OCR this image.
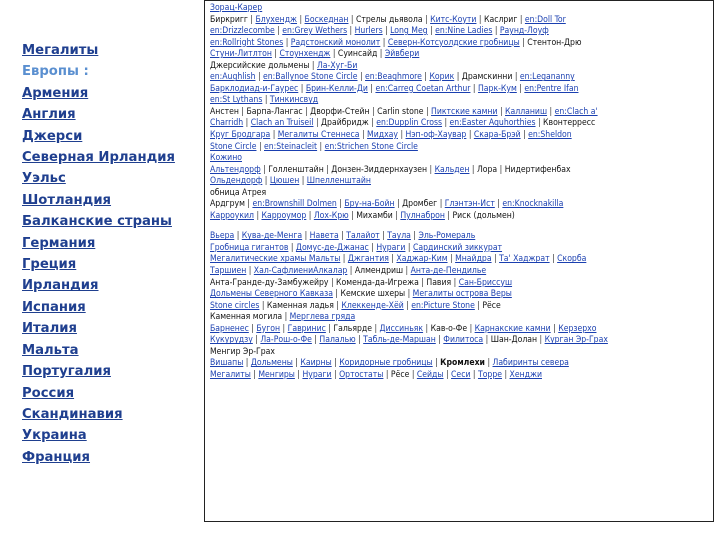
Мегалиты
Европы :
Армения
Англия
Джерси
Северная Ирландия
Уэльс
Шотландия
Балканские страны
Германия
Греция
Ирландия
Испания
Италия
Мальта
Португалия
Россия
Скандинавия
Украина
Франция
Зорац-Карер
Биркригг | Блухендж | Боскеднан | Стрелы дьявола | Китс-Коути | Каслриг | en:Doll Tor
en:Drizzlecombe | en:Grey Wethers | Hurlers | Long Meg | en:Nine Ladies | Раунд-Лоуф
en:Rollright Stones | Радстонский монолит | Северн-Котсуолдские гробницы | Стентон-Дрю
Стуни-Литлтон | Стоунхендж | Суинсайд | Эйвбери
Джерсийские дольмены | Ла-Хуг-Би
en:Aughlish | en:Ballynoe Stone Circle | en:Beaghmore | Корик | Драмскинни | en:Legananny
Барклодиад-и-Гаурес | Брин-Келли-Ди | en:Carreg Coetan Arthur | Парк-Кум | en:Pentre Ifan
en:St Lythans | Тинкинсвуд
Анстен | Барпа-Лангас | Дворфи-Стейн | Carlin stone | Пиктские камни | Калланиш | en:Clach a'
Charridh | Clach an Truiseil | Драйбридж | en:Dupplin Cross | en:Easter Aquhorthies | Квонтерресс
Круг Бродгара | Мегалиты Стеннеса | Мидхау | Нэп-оф-Хаувар | Скара-Брэй | en:Sheldon
Stone Circle | en:Steinacleit | en:Strichen Stone Circle
Кожино
Альтендорф | Голленштайн | Донзен-Зиддернхаузен | Кальден | Лора | Нидертифенбах
Ольдендорф | Цюшен | Шпелленштайн
обница Атрея
Ардгрум | en:Brownshill Dolmen | Бру-на-Бойн | Дромбег | Глэнтэн-Ист | en:Knocknakilla
Карроукил | Карроумор | Лох-Крю | Михамби | Пулнаброн | Риск (дольмен)
Вьера | Кува-де-Менга | Навета | Талайот | Таула | Эль-Ромераль
Гробница гигантов | Домус-де-Джанас | Нураги | Сардинский зиккурат
Мегалитические храмы Мальты | Джгантия | Хаджар-Ким | Мнайдра | Та' Хаджрат | Скорба
Таршиен | Хал-СафлиениАлкалар | Алмендриш | Анта-де-Пендилье
Анта-Гранде-ду-Замбужейру | Коменда-да-Игрежа | Павия | Сан-Бриссуш
Дольмены Северного Кавказа | Кемские шхеры | Мегалиты острова Веры
Stone circles | Каменная ладья | Клеккенде-Хёй | en:Picture Stone | Рёсе
Каменная могила | Мерглева гряда
Барненес | Бугон | Гавринис | Гальярде | Диссиньяк | Кав-о-Фе | Карнакские камни | Керзерхо
Кукурудзу | Ла-Рош-о-Фе | Палалью | Табль-де-Маршан | Филитоса | Шан-Долан | Курган Эр-Грах
Менгир Эр-Грах
Вишапы | Дольмены | Каирны | Коридорные гробницы | Кромлехи | Лабиринты севера
Мегалиты | Менгиры | Нураги | Ортостаты | Рёсе | Сейды | Сеси | Торре | Хенджи
